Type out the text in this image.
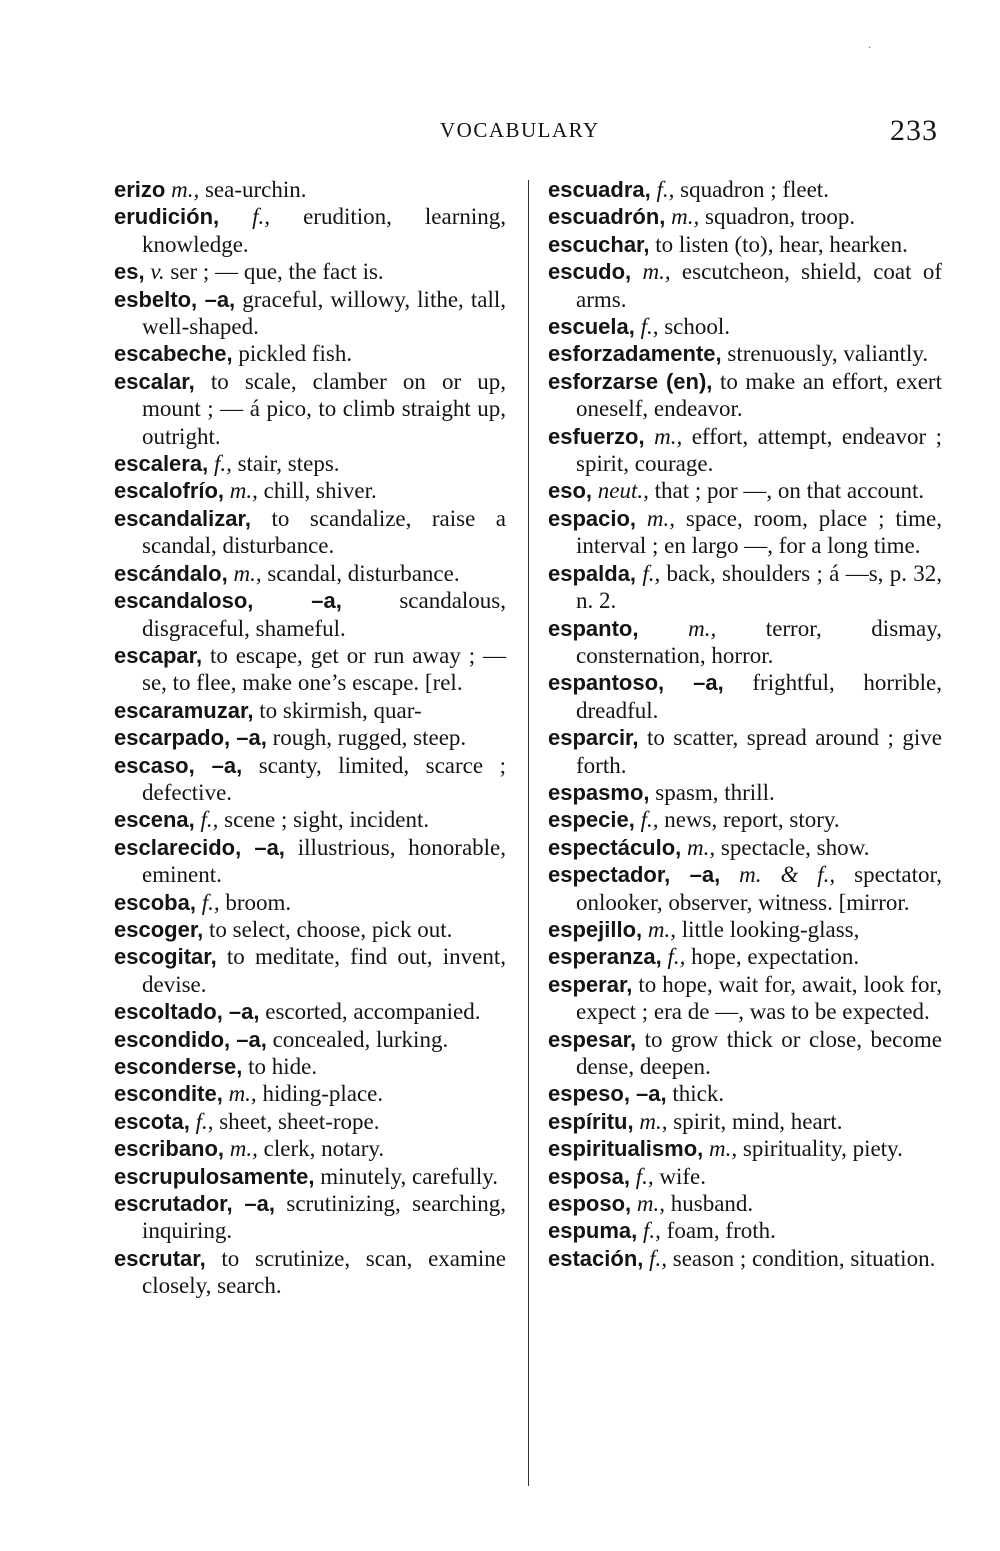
․
VOCABULARY	233
erizo m., sea-urchin.
erudición, f., erudition, learning, knowledge.
es, v. ser ; — que, the fact is.
esbelto, –a, graceful, willowy, lithe, tall, well-shaped.
escabeche, pickled fish.
escalar, to scale, clamber on or up, mount ; — á pico, to climb straight up, outright.
escalera, f., stair, steps.
escalofrío, m., chill, shiver.
escandalizar, to scandalize, raise a scandal, disturbance.
escándalo, m., scandal, disturbance.
escandaloso, –a,	scandalous, disgraceful, shameful.
escapar, to escape, get or run away ; —se, to flee, make one’s escape. [rel.
escaramuzar, to skirmish, quar-
escarpado, –a, rough, rugged, steep.
escaso, –a, scanty, limited, scarce ; defective.
escena, f., scene ; sight, incident.
esclarecido, –a, illustrious, honorable, eminent.
escoba, f., broom.
escoger, to select, choose, pick out.
escogitar, to meditate, find out, invent, devise.
escoltado, –a, escorted, accompanied.
escondido, –a, concealed, lurking.
esconderse, to hide.
escondite, m., hiding-place.
escota, f., sheet, sheet-rope.
escribano, m., clerk, notary.
escrupulosamente, minutely, carefully.
escrutador, –a, scrutinizing, searching, inquiring.
escrutar, to scrutinize, scan, examine closely, search.
escuadra, f., squadron ; fleet.
escuadrón, m., squadron, troop.
escuchar, to listen (to), hear, hearken.
escudo, m., escutcheon, shield, coat of arms.
escuela, f., school.
esforzadamente, strenuously, valiantly.
esforzarse (en), to make an effort, exert oneself, endeavor.
esfuerzo, m., effort, attempt, endeavor ; spirit, courage.
eso, neut., that ; por —, on that account.
espacio, m., space, room, place ; time, interval ; en largo —, for a long time.
espalda, f., back, shoulders ; á —s, p. 32, n. 2.
espanto, m., terror, dismay, consternation, horror.
espantoso, –a, frightful, horrible, dreadful.
esparcir, to scatter, spread around ; give forth.
espasmo, spasm, thrill.
especie, f., news, report, story.
espectáculo, m., spectacle, show.
espectador, –a, m. & f., spectator, onlooker, observer, witness. [mirror.
espejillo, m., little looking-glass,
esperanza, f., hope, expectation.
esperar, to hope, wait for, await, look for, expect ; era de —, was to be expected.
espesar, to grow thick or close, become dense, deepen.
espeso, –a, thick.
espíritu, m., spirit, mind, heart.
espiritualismo, m., spirituality, piety.
esposa, f., wife.
esposo, m., husband.
espuma, f., foam, froth.
estación, f., season ; condition, situation.
